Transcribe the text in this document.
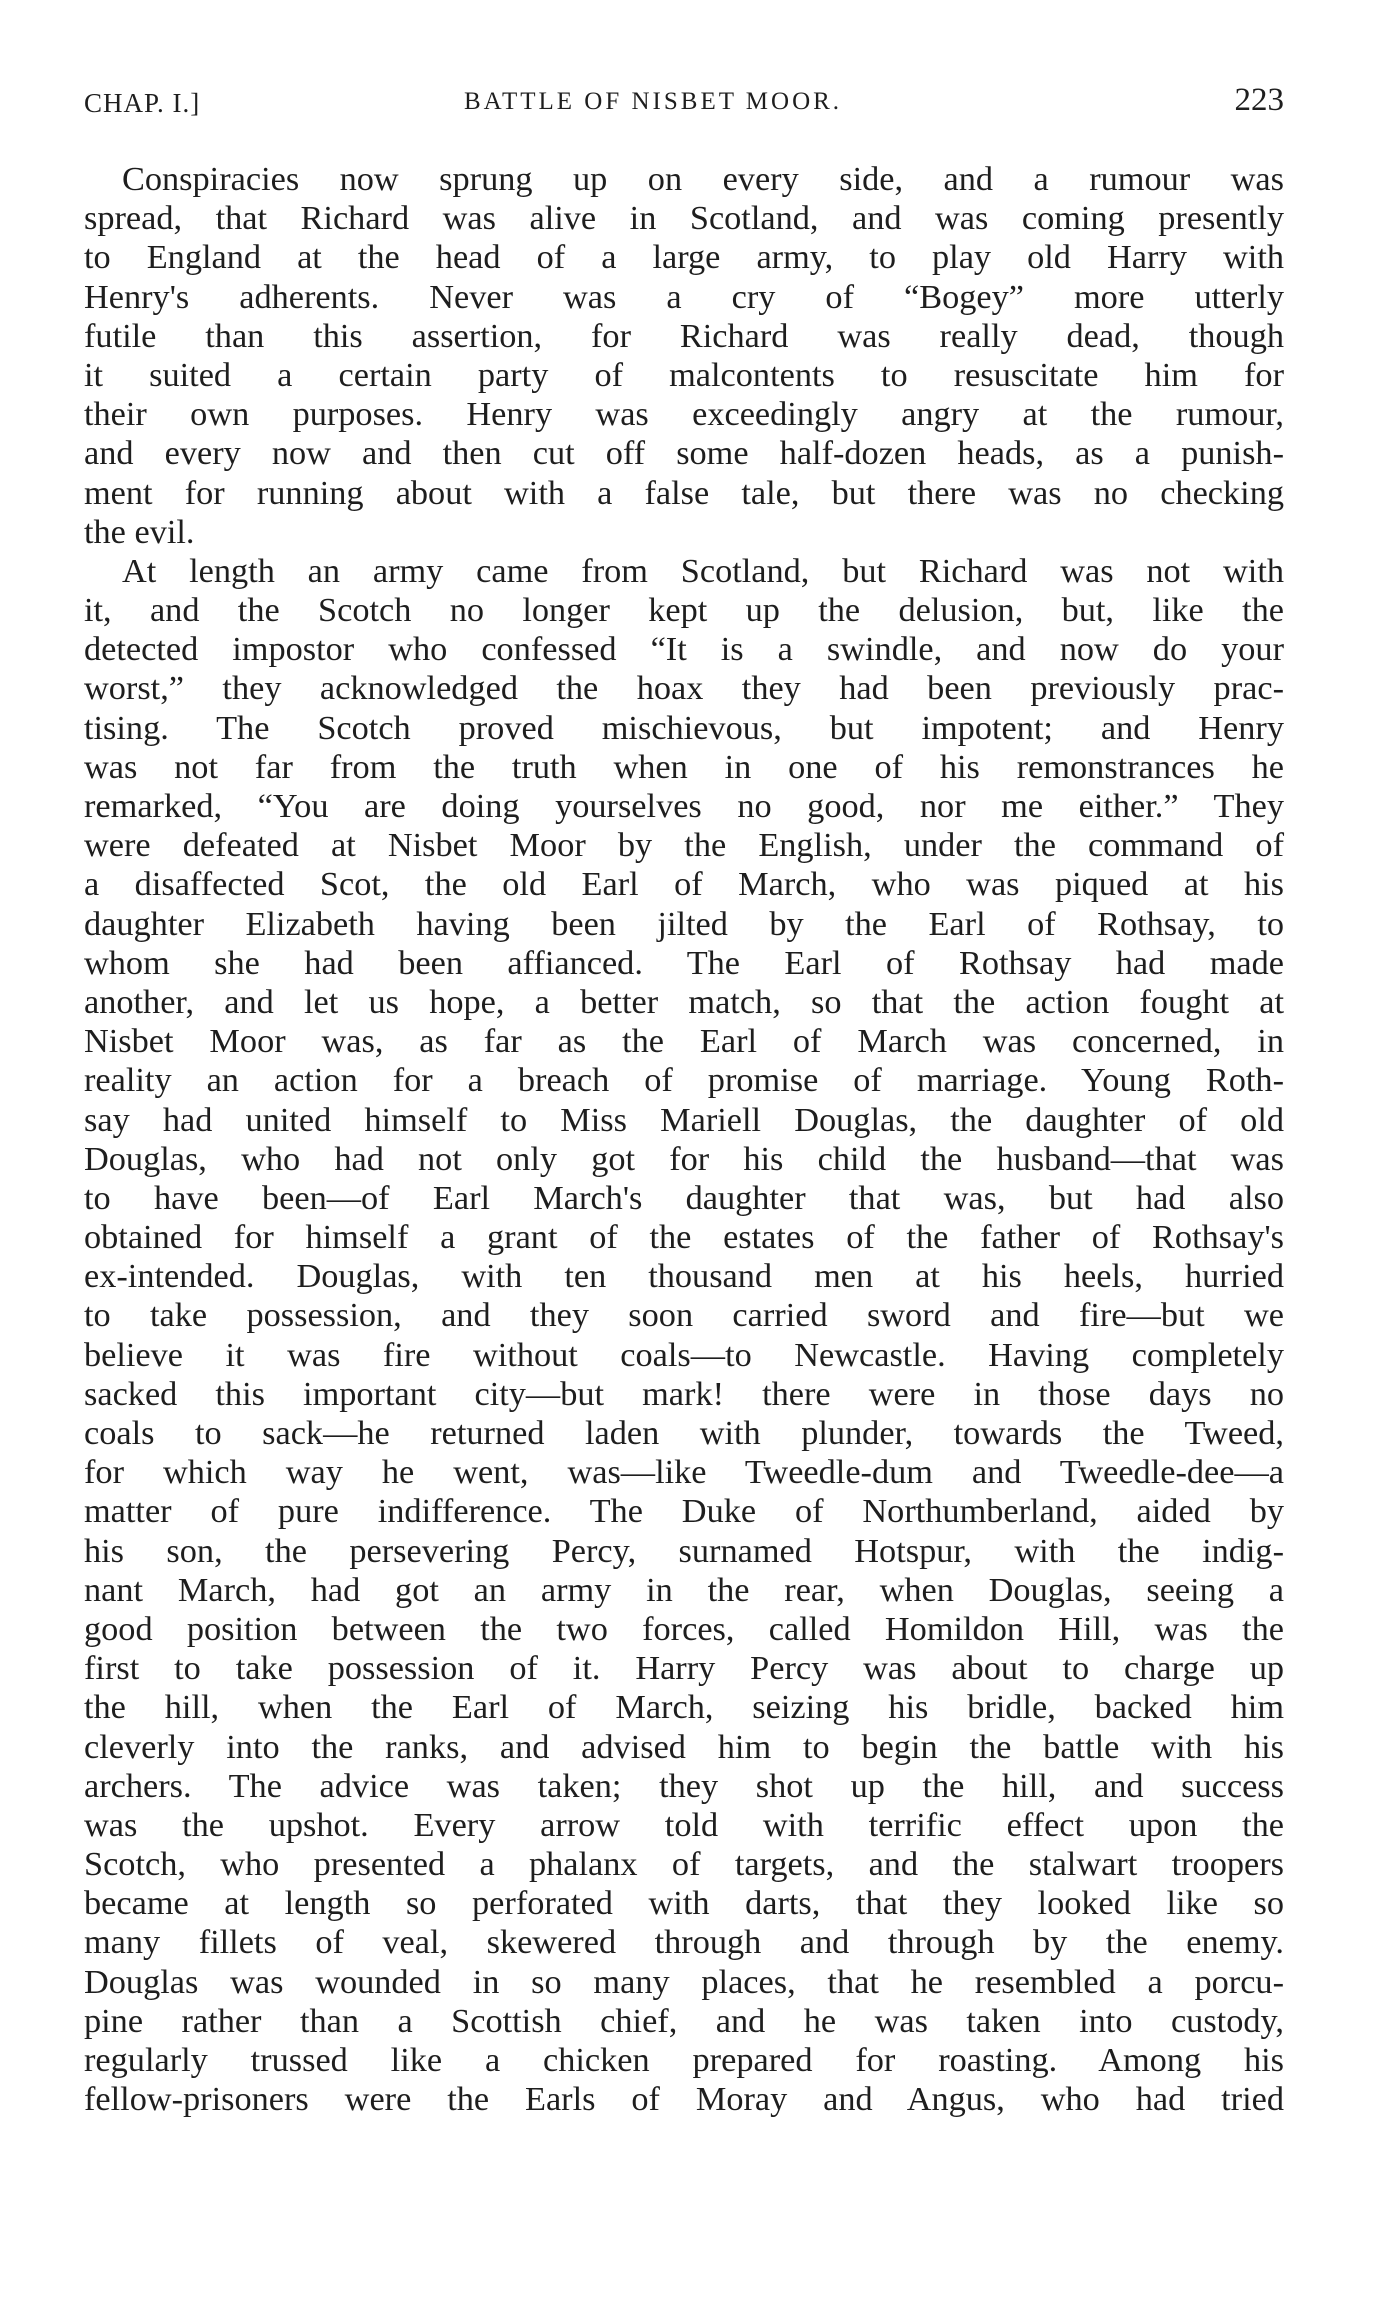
CHAP. I.]	BATTLE OF NISBET MOOR.	223
Conspiracies now sprung up on every side, and a rumour was
spread, that Richard was alive in Scotland, and was coming presently
to England at the head of a large army, to play old Harry with
Henry's adherents. Never was a cry of “Bogey” more utterly
futile than this assertion, for Richard was really dead, though
it suited a certain party of malcontents to resuscitate him for
their own purposes. Henry was exceedingly angry at the rumour,
and every now and then cut off some half-dozen heads, as a punish-
ment for running about with a false tale, but there was no checking
the evil.
At length an army came from Scotland, but Richard was not with
it, and the Scotch no longer kept up the delusion, but, like the
detected impostor who confessed “It is a swindle, and now do your
worst,” they acknowledged the hoax they had been previously prac-
tising. The Scotch proved mischievous, but impotent; and Henry
was not far from the truth when in one of his remonstrances he
remarked, “You are doing yourselves no good, nor me either.” They
were defeated at Nisbet Moor by the English, under the command of
a disaffected Scot, the old Earl of March, who was piqued at his
daughter Elizabeth having been jilted by the Earl of Rothsay, to
whom she had been affianced. The Earl of Rothsay had made
another, and let us hope, a better match, so that the action fought at
Nisbet Moor was, as far as the Earl of March was concerned, in
reality an action for a breach of promise of marriage. Young Roth-
say had united himself to Miss Mariell Douglas, the daughter of old
Douglas, who had not only got for his child the husband—that was
to have been—of Earl March's daughter that was, but had also
obtained for himself a grant of the estates of the father of Rothsay's
ex-intended. Douglas, with ten thousand men at his heels, hurried
to take possession, and they soon carried sword and fire—but we
believe it was fire without coals—to Newcastle. Having completely
sacked this important city—but mark! there were in those days no
coals to sack—he returned laden with plunder, towards the Tweed,
for which way he went, was—like Tweedle-dum and Tweedle-dee—a
matter of pure indifference. The Duke of Northumberland, aided by
his son, the persevering Percy, surnamed Hotspur, with the indig-
nant March, had got an army in the rear, when Douglas, seeing a
good position between the two forces, called Homildon Hill, was the
first to take possession of it. Harry Percy was about to charge up
the hill, when the Earl of March, seizing his bridle, backed him
cleverly into the ranks, and advised him to begin the battle with his
archers. The advice was taken; they shot up the hill, and success
was the upshot. Every arrow told with terrific effect upon the
Scotch, who presented a phalanx of targets, and the stalwart troopers
became at length so perforated with darts, that they looked like so
many fillets of veal, skewered through and through by the enemy.
Douglas was wounded in so many places, that he resembled a porcu-
pine rather than a Scottish chief, and he was taken into custody,
regularly trussed like a chicken prepared for roasting. Among his
fellow-prisoners were the Earls of Moray and Angus, who had tried
